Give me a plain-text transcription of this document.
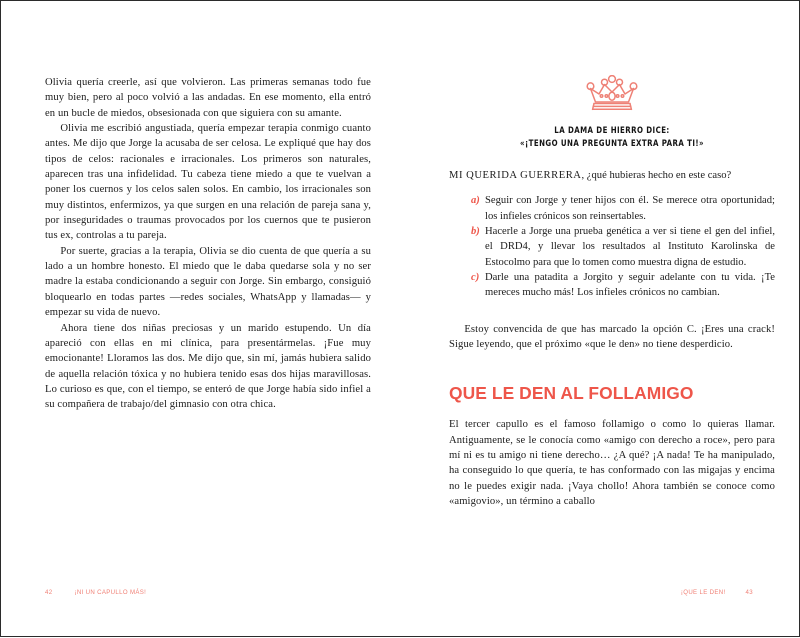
Olivia quería creerle, así que volvieron. Las primeras semanas todo fue muy bien, pero al poco volvió a las andadas. En ese momento, ella entró en un bucle de miedos, obsesionada con que siguiera con su amante.

Olivia me escribió angustiada, quería empezar terapia conmigo cuanto antes. Me dijo que Jorge la acusaba de ser celosa. Le expliqué que hay dos tipos de celos: racionales e irracionales. Los primeros son naturales, aparecen tras una infidelidad. Tu cabeza tiene miedo a que te vuelvan a poner los cuernos y los celos salen solos. En cambio, los irracionales son muy distintos, enfermizos, ya que surgen en una relación de pareja sana y, por inseguridades o traumas provocados por los cuernos que te pusieron tus ex, controlas a tu pareja.

Por suerte, gracias a la terapia, Olivia se dio cuenta de que quería a su lado a un hombre honesto. El miedo que le daba quedarse sola y no ser madre la estaba condicionando a seguir con Jorge. Sin embargo, consiguió bloquearlo en todas partes —redes sociales, WhatsApp y llamadas— y empezar su vida de nuevo.

Ahora tiene dos niñas preciosas y un marido estupendo. Un día apareció con ellas en mi clínica, para presentármelas. ¡Fue muy emocionante! Lloramos las dos. Me dijo que, sin mí, jamás hubiera salido de aquella relación tóxica y no hubiera tenido esas dos hijas maravillosas. Lo curioso es que, con el tiempo, se enteró de que Jorge había sido infiel a su compañera de trabajo/del gimnasio con otra chica.

42	¡NI UN CAPULLO MÁS!
LA DAMA DE HIERRO DICE:
«¡TENGO UNA PREGUNTA EXTRA PARA TI!»

MI QUERIDA GUERRERA, ¿qué hubieras hecho en este caso?

a) Seguir con Jorge y tener hijos con él. Se merece otra oportunidad; los infieles crónicos son reinsertables.
b) Hacerle a Jorge una prueba genética a ver si tiene el gen del infiel, el DRD4, y llevar los resultados al Instituto Karolinska de Estocolmo para que lo tomen como muestra digna de estudio.
c) Darle una patadita a Jorgito y seguir adelante con tu vida. ¡Te mereces mucho más! Los infieles crónicos no cambian.

Estoy convencida de que has marcado la opción C. ¡Eres una crack! Sigue leyendo, que el próximo «que le den» no tiene desperdicio.

QUE LE DEN AL FOLLAMIGO

El tercer capullo es el famoso follamigo o como lo quieras llamar. Antiguamente, se le conocía como «amigo con derecho a roce», pero para mí ni es tu amigo ni tiene derecho… ¿A qué? ¡A nada! Te ha manipulado, ha conseguido lo que quería, te has conformado con las migajas y encima no le puedes exigir nada. ¡Vaya chollo! Ahora también se conoce como «amigovio», un término a caballo

¡QUE LE DEN!	43
